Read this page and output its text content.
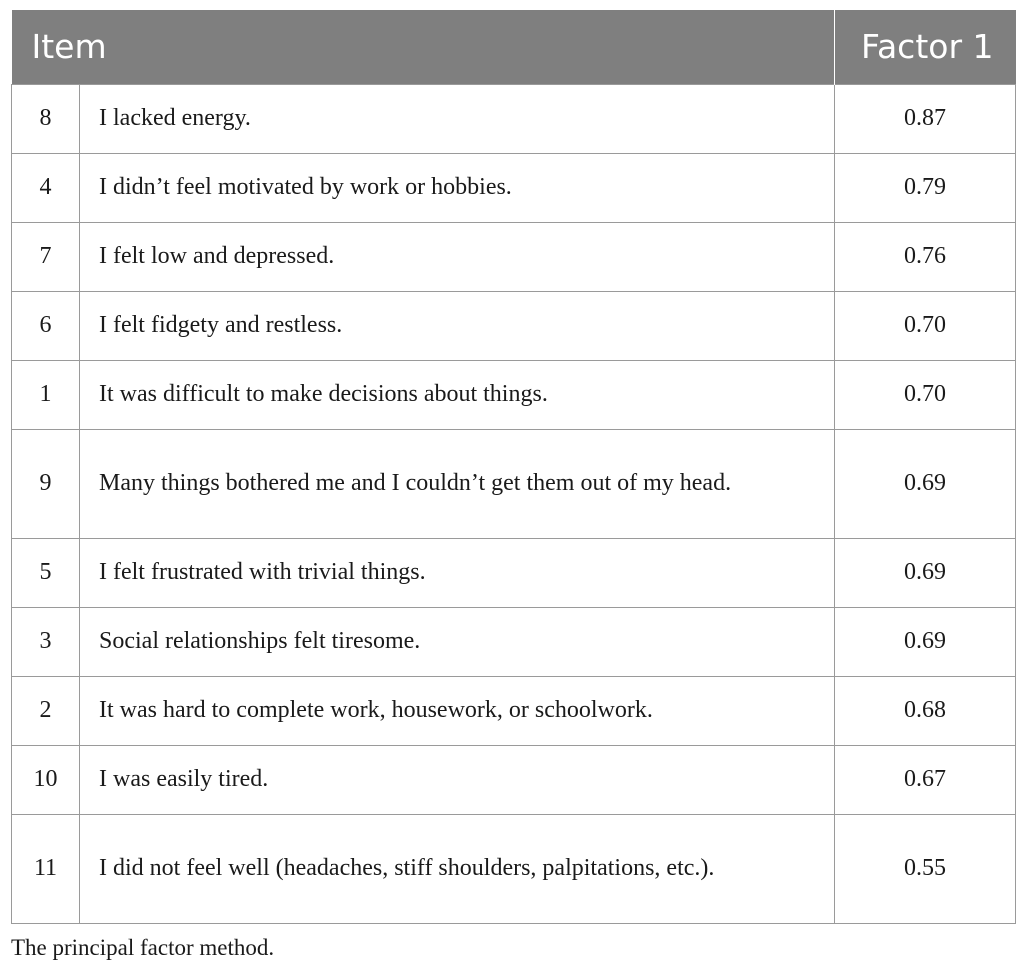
Item		Factor 1
8	I lacked energy.	0.87
4	I didn’t feel motivated by work or hobbies.	0.79
7	I felt low and depressed.	0.76
6	I felt fidgety and restless.	0.70
1	It was difficult to make decisions about things.	0.70
9	Many things bothered me and I couldn’t get them out of my head.	0.69
5	I felt frustrated with trivial things.	0.69
3	Social relationships felt tiresome.	0.69
2	It was hard to complete work, housework, or schoolwork.	0.68
10	I was easily tired.	0.67
11	I did not feel well (headaches, stiff shoulders, palpitations, etc.).	0.55
The principal factor method.
